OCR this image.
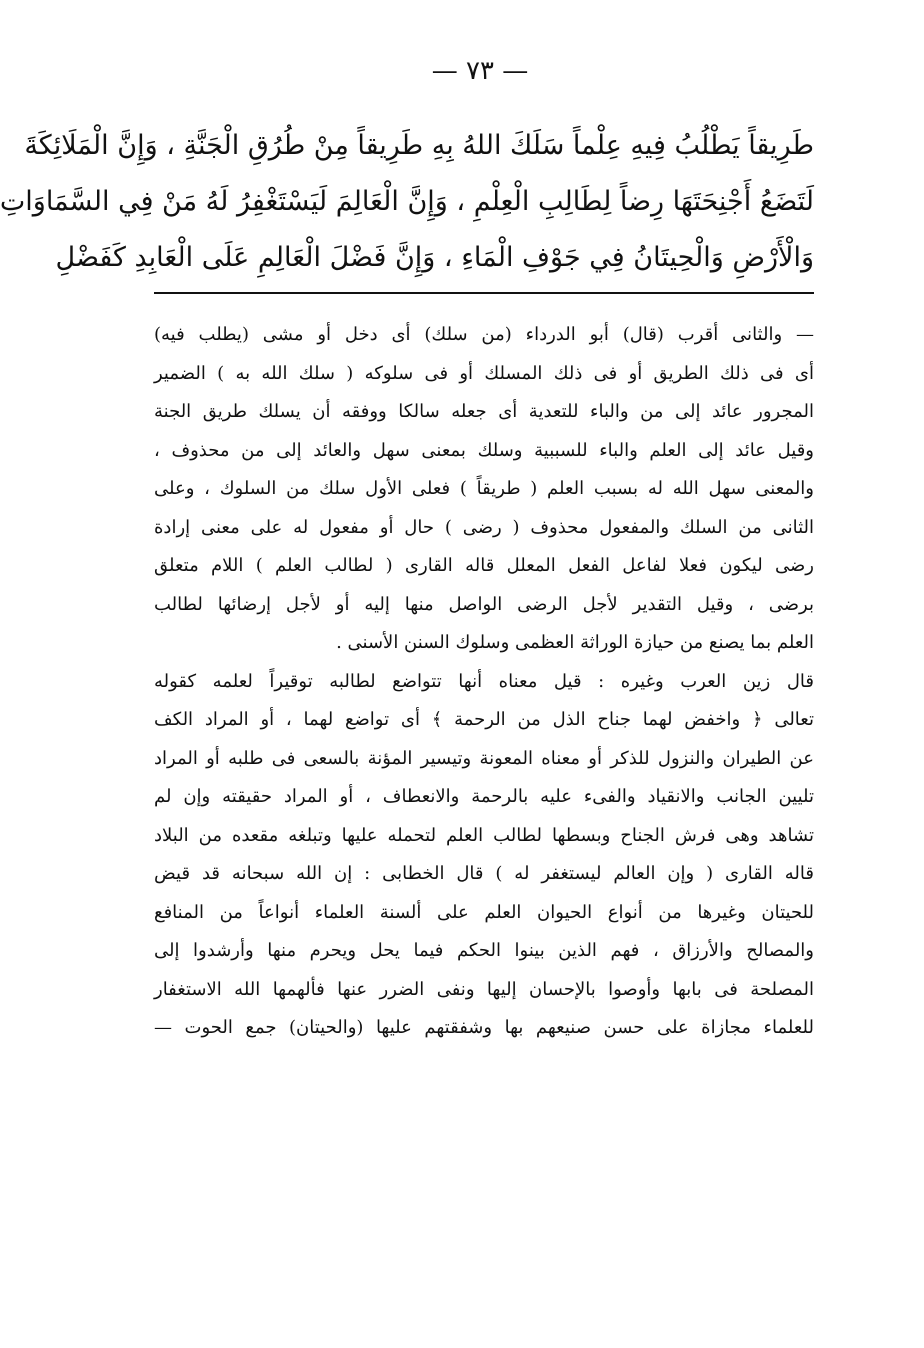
— ٧٣ —
طَرِيقاً يَطْلُبُ فِيهِ عِلْماً سَلَكَ اللهُ بِهِ طَرِيقاً مِنْ طُرُقِ الْجَنَّةِ ، وَإِنَّ الْمَلَائِكَةَ
لَتَضَعُ أَجْنِحَتَهَا رِضاً لِطَالِبِ الْعِلْمِ ، وَإِنَّ الْعَالِمَ لَيَسْتَغْفِرُ لَهُ مَنْ فِي السَّمَاوَاتِ
وَالْأَرْضِ وَالْحِيتَانُ فِي جَوْفِ الْمَاءِ ، وَإِنَّ فَضْلَ الْعَالِمِ عَلَى الْعَابِدِ كَفَضْلِ
— والثانى أقرب (قال) أبو الدرداء (من سلك) أى دخل أو مشى (يطلب فيه)
أى فى ذلك الطريق أو فى ذلك المسلك أو فى سلوكه ( سلك الله به ) الضمير
المجرور عائد إلى من والباء للتعدية أى جعله سالكا ووفقه أن يسلك طريق الجنة
وقيل عائد إلى العلم والباء للسببية وسلك بمعنى سهل والعائد إلى من محذوف ،
والمعنى سهل الله له بسبب العلم ( طريقاً ) فعلى الأول سلك من السلوك ، وعلى
الثانى من السلك والمفعول محذوف ( رضى ) حال أو مفعول له على معنى إرادة
رضى ليكون فعلا لفاعل الفعل المعلل قاله القارى ( لطالب العلم ) اللام متعلق
برضى ، وقيل التقدير لأجل الرضى الواصل منها إليه أو لأجل إرضائها لطالب
العلم بما يصنع من حيازة الوراثة العظمى وسلوك السنن الأسنى .
قال زين العرب وغيره : قيل معناه أنها تتواضع لطالبه توقيراً لعلمه كقوله
تعالى ﴿ واخفض لهما جناح الذل من الرحمة ﴾ أى تواضع لهما ، أو المراد الكف
عن الطيران والنزول للذكر أو معناه المعونة وتيسير المؤنة بالسعى فى طلبه أو المراد
تليين الجانب والانقياد والفىء عليه بالرحمة والانعطاف ، أو المراد حقيقته وإن لم
تشاهد وهى فرش الجناح وبسطها لطالب العلم لتحمله عليها وتبلغه مقعده من البلاد
قاله القارى ( وإن العالم ليستغفر له ) قال الخطابى : إن الله سبحانه قد قيض
للحيتان وغيرها من أنواع الحيوان العلم على ألسنة العلماء أنواعاً من المنافع
والمصالح والأرزاق ، فهم الذين بينوا الحكم فيما يحل ويحرم منها وأرشدوا إلى
المصلحة فى بابها وأوصوا بالإحسان إليها ونفى الضرر عنها فألهمها الله الاستغفار
للعلماء مجازاة على حسن صنيعهم بها وشفقتهم عليها (والحيتان) جمع الحوت —
